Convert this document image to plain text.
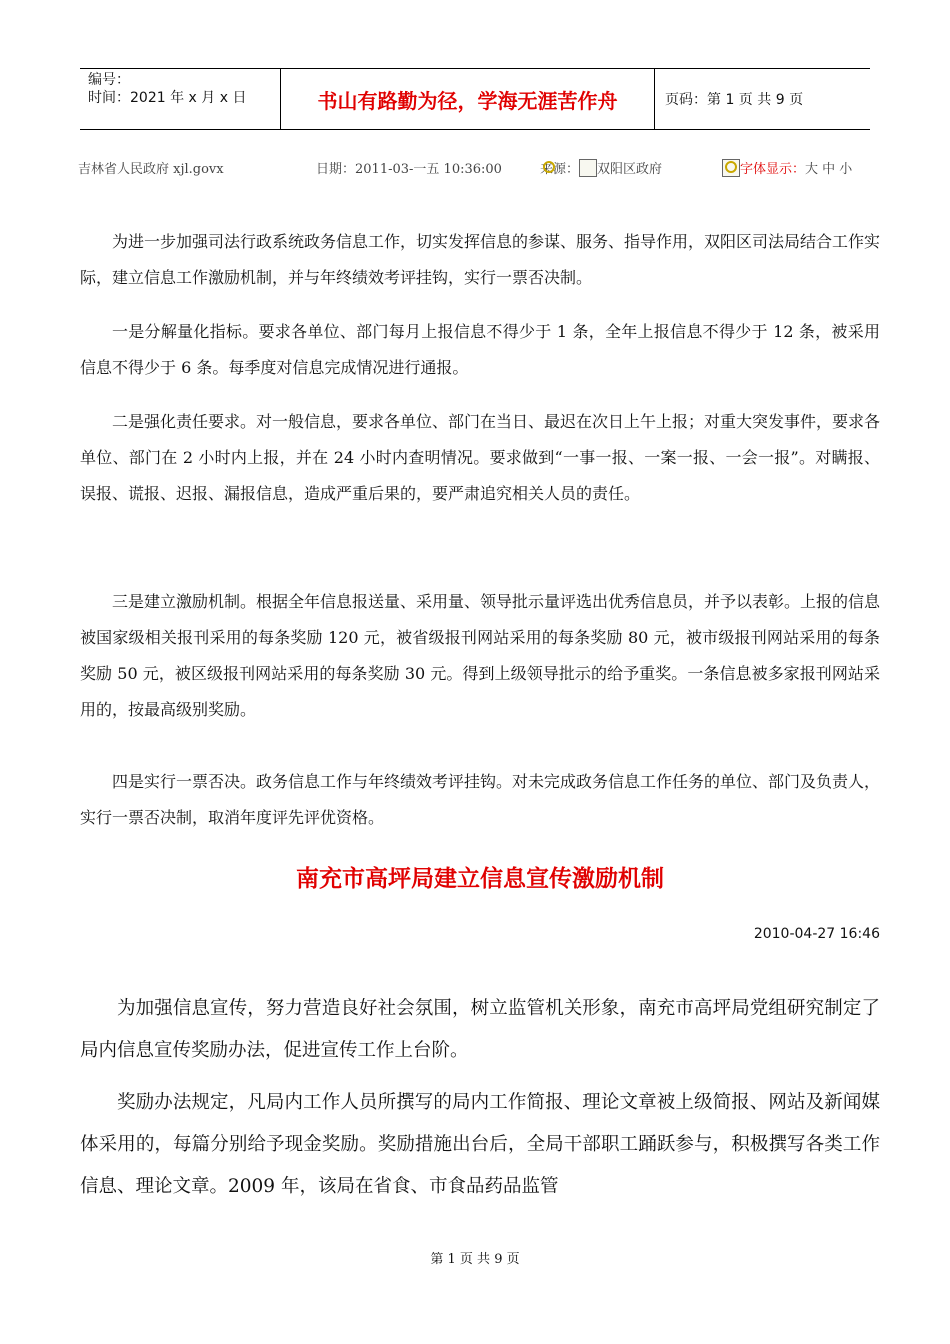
编号：
时间：2021 年 x 月 x 日	书山有路勤为径，学海无涯苦作舟	页码：第 1 页 共 9 页
吉林省人民政府 xjl.govx	日期：2011-03-一五 10:36:00	来源： 双阳区政府	字体显示：大 中 小

为进一步加强司法行政系统政务信息工作，切实发挥信息的参谋、服务、指导作用，双阳区司法局结合工作实际，建立信息工作激励机制，并与年终绩效考评挂钩，实行一票否决制。

一是分解量化指标。要求各单位、部门每月上报信息不得少于 1 条，全年上报信息不得少于 12 条，被采用信息不得少于 6 条。每季度对信息完成情况进行通报。

二是强化责任要求。对一般信息，要求各单位、部门在当日、最迟在次日上午上报；对重大突发事件，要求各单位、部门在 2 小时内上报，并在 24 小时内查明情况。要求做到“一事一报、一案一报、一会一报”。对瞒报、误报、谎报、迟报、漏报信息，造成严重后果的，要严肃追究相关人员的责任。

三是建立激励机制。根据全年信息报送量、采用量、领导批示量评选出优秀信息员，并予以表彰。上报的信息被国家级相关报刊采用的每条奖励 120 元，被省级报刊网站采用的每条奖励 80 元，被市级报刊网站采用的每条奖励 50 元，被区级报刊网站采用的每条奖励 30 元。得到上级领导批示的给予重奖。一条信息被多家报刊网站采用的，按最高级别奖励。

四是实行一票否决。政务信息工作与年终绩效考评挂钩。对未完成政务信息工作任务的单位、部门及负责人，实行一票否决制，取消年度评先评优资格。

南充市高坪局建立信息宣传激励机制
2010-04-27 16:46

为加强信息宣传，努力营造良好社会氛围，树立监管机关形象，南充市高坪局党组研究制定了局内信息宣传奖励办法，促进宣传工作上台阶。

奖励办法规定，凡局内工作人员所撰写的局内工作简报、理论文章被上级简报、网站及新闻媒体采用的，每篇分别给予现金奖励。奖励措施出台后，全局干部职工踊跃参与，积极撰写各类工作信息、理论文章。2009 年，该局在省食、市食品药品监管

第 1 页 共 9 页
